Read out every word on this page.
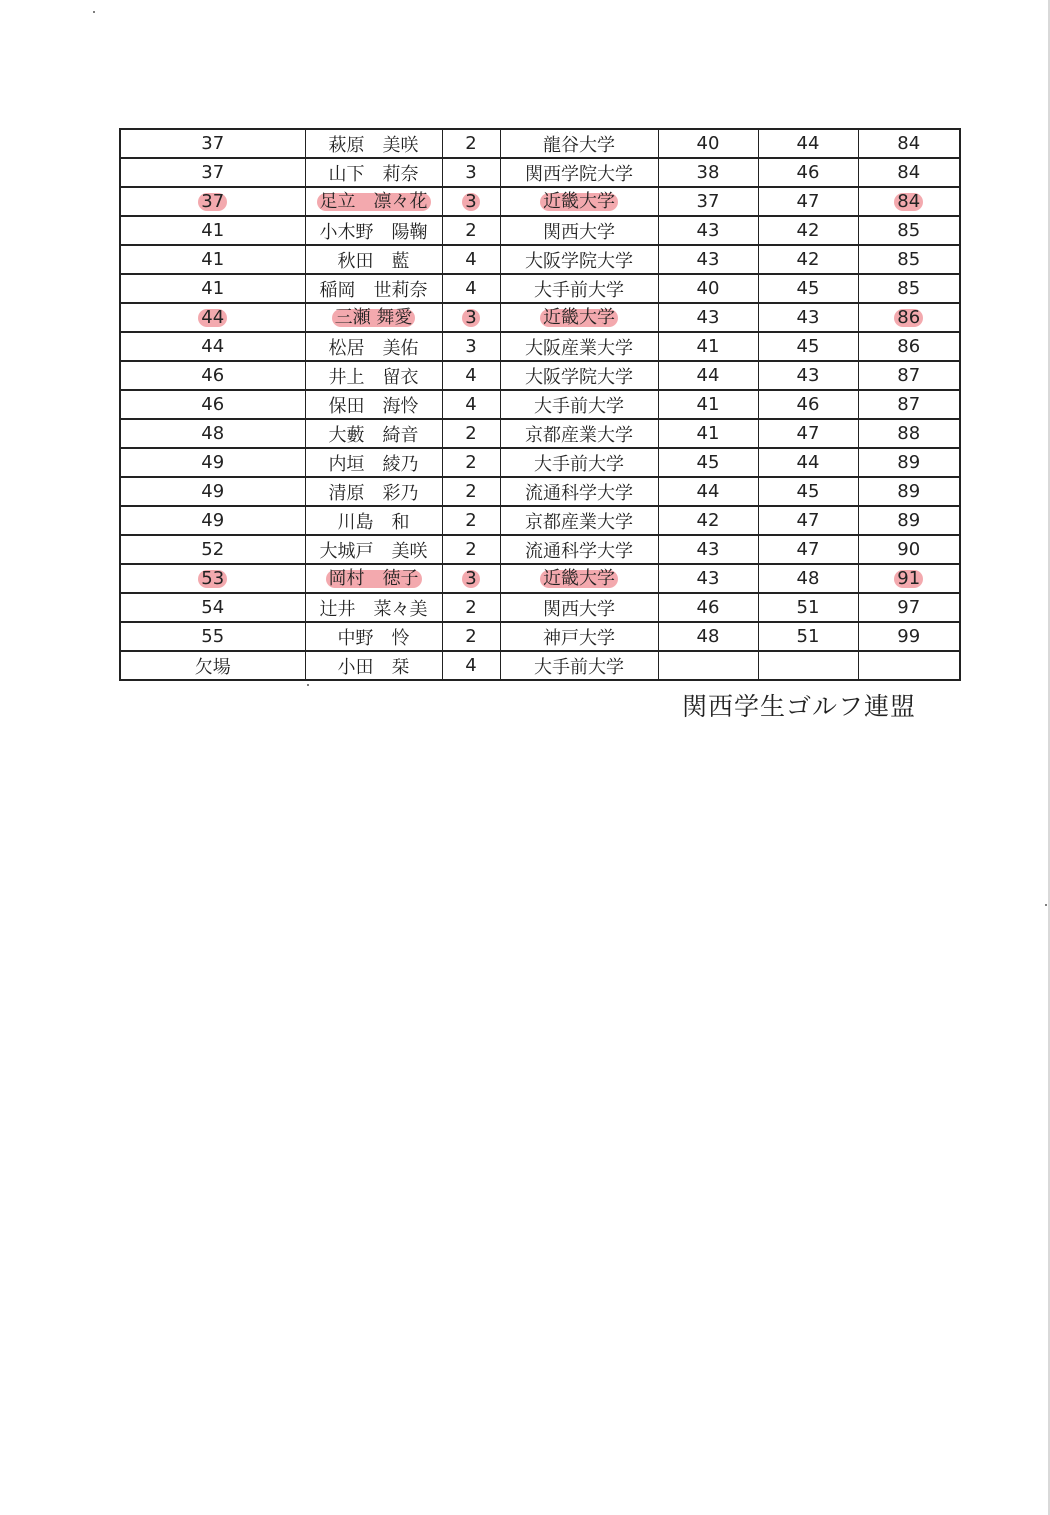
37	萩原　美咲	2	龍谷大学	40	44	84
37	山下　莉奈	3	関西学院大学	38	46	84
37	足立　凛々花	3	近畿大学	37	47	84
41	小木野　陽鞠	2	関西大学	43	42	85
41	秋田　藍	4	大阪学院大学	43	42	85
41	稲岡　世莉奈	4	大手前大学	40	45	85
44	三瀬 舞愛	3	近畿大学	43	43	86
44	松居　美佑	3	大阪産業大学	41	45	86
46	井上　留衣	4	大阪学院大学	44	43	87
46	保田　海怜	4	大手前大学	41	46	87
48	大藪　綺音	2	京都産業大学	41	47	88
49	内垣　綾乃	2	大手前大学	45	44	89
49	清原　彩乃	2	流通科学大学	44	45	89
49	川島　和	2	京都産業大学	42	47	89
52	大城戸　美咲	2	流通科学大学	43	47	90
53	岡村　徳子	3	近畿大学	43	48	91
54	辻井　菜々美	2	関西大学	46	51	97
55	中野　怜	2	神戸大学	48	51	99
欠場	小田　栞	4	大手前大学			
関西学生ゴルフ連盟
